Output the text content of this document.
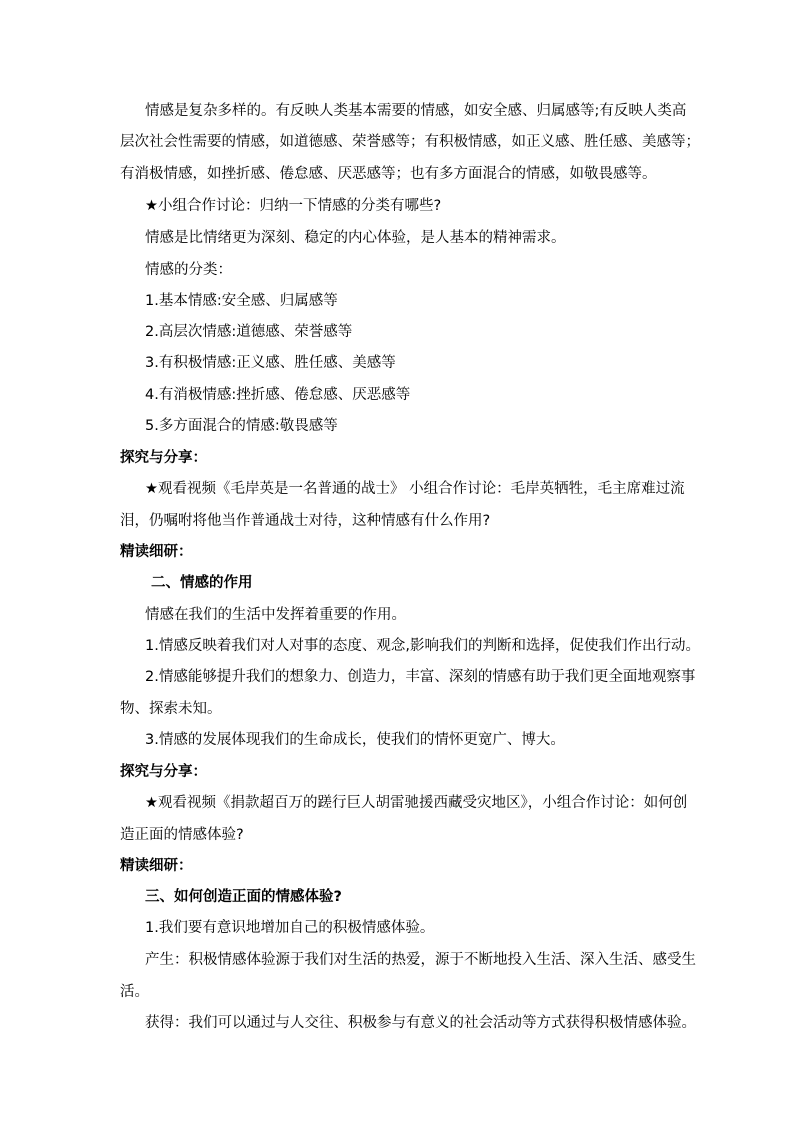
情感是复杂多样的。有反映人类基本需要的情感，如安全感、归属感等;有反映人类高
层次社会性需要的情感，如道德感、荣誉感等；有积极情感，如正义感、胜任感、美感等；
有消极情感，如挫折感、倦怠感、厌恶感等；也有多方面混合的情感，如敬畏感等。
★小组合作讨论：归纳一下情感的分类有哪些?
情感是比情绪更为深刻、稳定的内心体验，是人基本的精神需求。
情感的分类：
1.基本情感:安全感、归属感等
2.高层次情感:道德感、荣誉感等
3.有积极情感:正义感、胜任感、美感等
4.有消极情感:挫折感、倦怠感、厌恶感等
5.多方面混合的情感:敬畏感等
探究与分享：
★观看视频《毛岸英是一名普通的战士》 小组合作讨论：毛岸英牺牲，毛主席难过流
泪，仍嘱咐将他当作普通战士对待，这种情感有什么作用?
精读细研：
二、情感的作用
情感在我们的生活中发挥着重要的作用。
1.情感反映着我们对人对事的态度、观念,影响我们的判断和选择，促使我们作出行动。
2.情感能够提升我们的想象力、创造力，丰富、深刻的情感有助于我们更全面地观察事
物、探索未知。
3.情感的发展体现我们的生命成长，使我们的情怀更宽广、博大。
探究与分享：
★观看视频《捐款超百万的蹉行巨人胡雷驰援西藏受灾地区》，小组合作讨论：如何创
造正面的情感体验?
精读细研：
三、如何创造正面的情感体验?
1.我们要有意识地增加自己的积极情感体验。
产生：积极情感体验源于我们对生活的热爱，源于不断地投入生活、深入生活、感受生
活。
获得：我们可以通过与人交往、积极参与有意义的社会活动等方式获得积极情感体验。
